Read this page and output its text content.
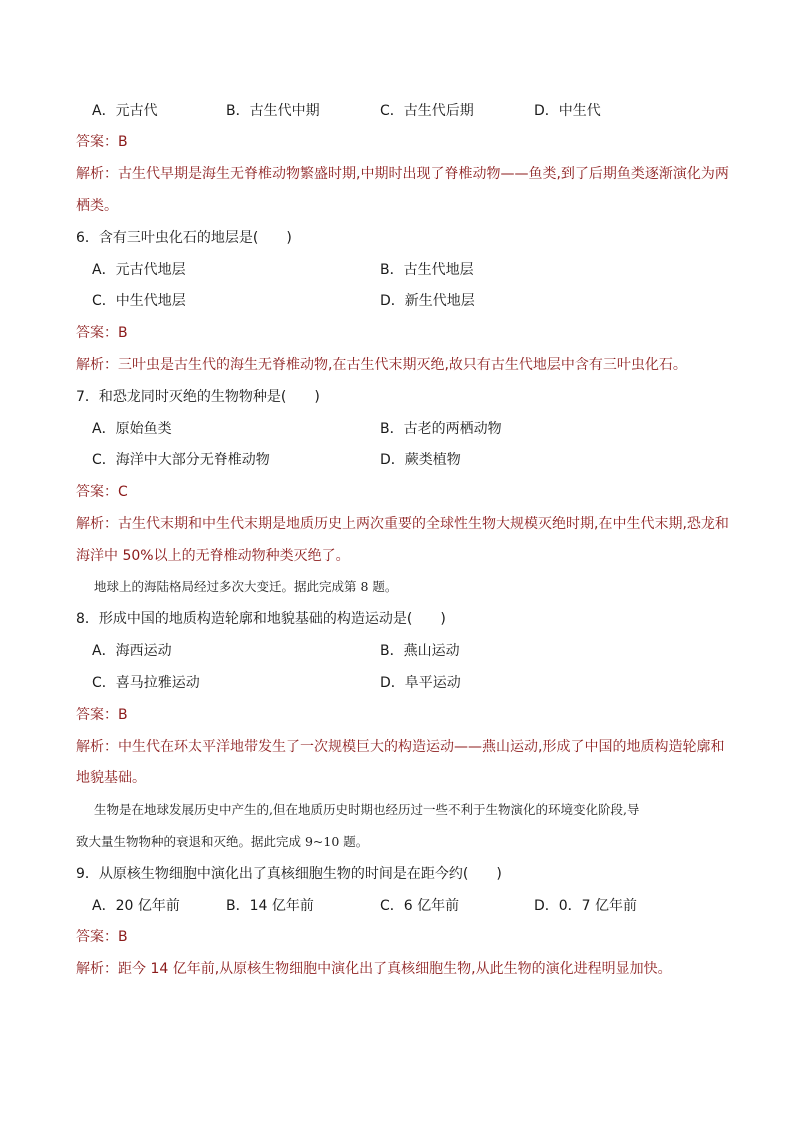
A．元古代	B．古生代中期	C．古生代后期	D．中生代
答案：B
解析：古生代早期是海生无脊椎动物繁盛时期,中期时出现了脊椎动物——鱼类,到了后期鱼类逐渐演化为两
栖类。
6．含有三叶虫化石的地层是(　　)
A．元古代地层	B．古生代地层
C．中生代地层	D．新生代地层
答案：B
解析：三叶虫是古生代的海生无脊椎动物,在古生代末期灭绝,故只有古生代地层中含有三叶虫化石。
7．和恐龙同时灭绝的生物物种是(　　)
A．原始鱼类	B．古老的两栖动物
C．海洋中大部分无脊椎动物	D．蕨类植物
答案：C
解析：古生代末期和中生代末期是地质历史上两次重要的全球性生物大规模灭绝时期,在中生代末期,恐龙和
海洋中 50%以上的无脊椎动物种类灭绝了。
地球上的海陆格局经过多次大变迁。据此完成第 8 题。
8．形成中国的地质构造轮廓和地貌基础的构造运动是(　　)
A．海西运动	B．燕山运动
C．喜马拉雅运动	D．阜平运动
答案：B
解析：中生代在环太平洋地带发生了一次规模巨大的构造运动——燕山运动,形成了中国的地质构造轮廓和
地貌基础。
生物是在地球发展历史中产生的,但在地质历史时期也经历过一些不利于生物演化的环境变化阶段,导
致大量生物物种的衰退和灭绝。据此完成 9~10 题。
9．从原核生物细胞中演化出了真核细胞生物的时间是在距今约(　　)
A．20 亿年前	B．14 亿年前	C．6 亿年前	D．0．7 亿年前
答案：B
解析：距今 14 亿年前,从原核生物细胞中演化出了真核细胞生物,从此生物的演化进程明显加快。
